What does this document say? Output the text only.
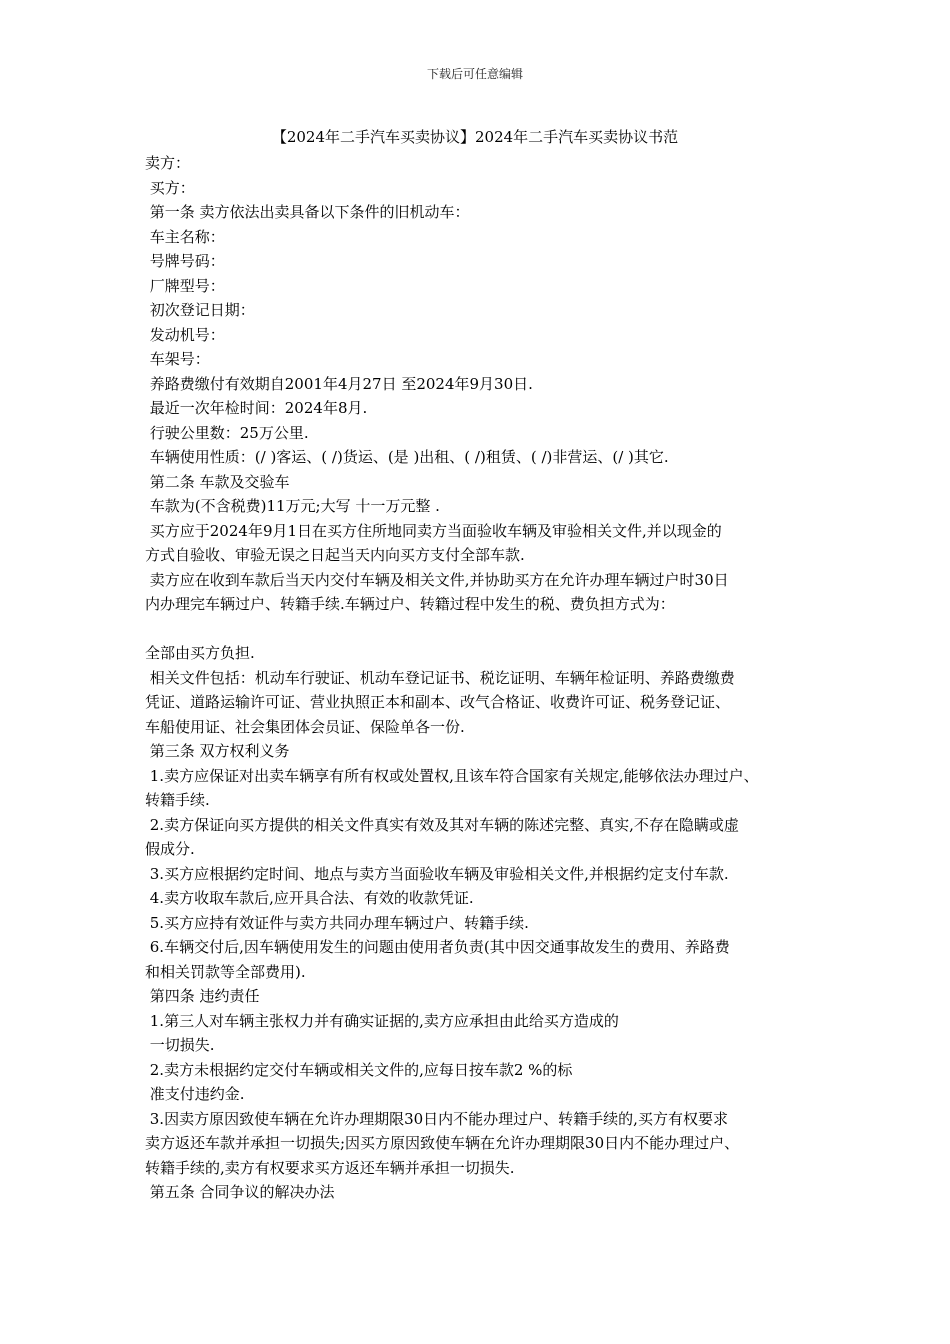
下载后可任意编辑
【2024年二手汽车买卖协议】2024年二手汽车买卖协议书范
卖方：
买方：
第一条 卖方依法出卖具备以下条件的旧机动车：
车主名称：
号牌号码：
厂牌型号：
初次登记日期：
发动机号：
车架号：
养路费缴付有效期自2001年4月27日 至2024年9月30日.
最近一次年检时间：2024年8月.
行驶公里数：25万公里.
车辆使用性质：(/ )客运、( /)货运、(是 )出租、( /)租赁、( /)非营运、(/ )其它.
第二条 车款及交验车
车款为(不含税费)11万元;大写 十一万元整 .
买方应于2024年9月1日在买方住所地同卖方当面验收车辆及审验相关文件,并以现金的
方式自验收、审验无误之日起当天内向买方支付全部车款.
卖方应在收到车款后当天内交付车辆及相关文件,并协助买方在允许办理车辆过户时30日
内办理完车辆过户、转籍手续.车辆过户、转籍过程中发生的税、费负担方式为：
全部由买方负担.
相关文件包括：机动车行驶证、机动车登记证书、税讫证明、车辆年检证明、养路费缴费
凭证、道路运输许可证、营业执照正本和副本、改气合格证、收费许可证、税务登记证、
车船使用证、社会集团体会员证、保险单各一份.
第三条 双方权利义务
1.卖方应保证对出卖车辆享有所有权或处置权,且该车符合国家有关规定,能够依法办理过户、
转籍手续.
2.卖方保证向买方提供的相关文件真实有效及其对车辆的陈述完整、真实,不存在隐瞒或虚
假成分.
3.买方应根据约定时间、地点与卖方当面验收车辆及审验相关文件,并根据约定支付车款.
4.卖方收取车款后,应开具合法、有效的收款凭证.
5.买方应持有效证件与卖方共同办理车辆过户、转籍手续.
6.车辆交付后,因车辆使用发生的问题由使用者负责(其中因交通事故发生的费用、养路费
和相关罚款等全部费用).
第四条 违约责任
1.第三人对车辆主张权力并有确实证据的,卖方应承担由此给买方造成的
一切损失.
2.卖方未根据约定交付车辆或相关文件的,应每日按车款2 %的标
准支付违约金.
3.因卖方原因致使车辆在允许办理期限30日内不能办理过户、转籍手续的,买方有权要求
卖方返还车款并承担一切损失;因买方原因致使车辆在允许办理期限30日内不能办理过户、
转籍手续的,卖方有权要求买方返还车辆并承担一切损失.
第五条 合同争议的解决办法
